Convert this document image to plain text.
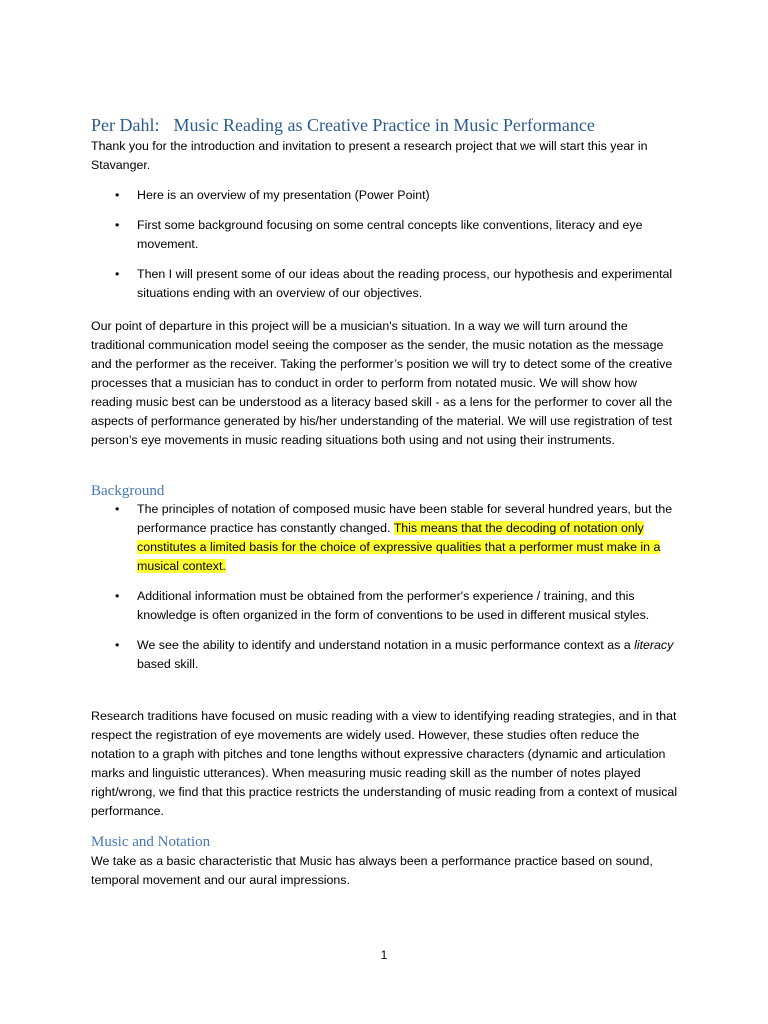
Per Dahl: Music Reading as Creative Practice in Music Performance

Thank you for the introduction and invitation to present a research project that we will start this year in Stavanger.

• Here is an overview of my presentation (Power Point)
• First some background focusing on some central concepts like conventions, literacy and eye movement.
• Then I will present some of our ideas about the reading process, our hypothesis and experimental situations ending with an overview of our objectives.

Our point of departure in this project will be a musician's situation. In a way we will turn around the traditional communication model seeing the composer as the sender, the music notation as the message and the performer as the receiver. Taking the performer’s position we will try to detect some of the creative processes that a musician has to conduct in order to perform from notated music. We will show how reading music best can be understood as a literacy based skill - as a lens for the performer to cover all the aspects of performance generated by his/her understanding of the material. We will use registration of test person’s eye movements in music reading situations both using and not using their instruments.

Background
• The principles of notation of composed music have been stable for several hundred years, but the performance practice has constantly changed. This means that the decoding of notation only constitutes a limited basis for the choice of expressive qualities that a performer must make in a musical context.
• Additional information must be obtained from the performer's experience / training, and this knowledge is often organized in the form of conventions to be used in different musical styles.
• We see the ability to identify and understand notation in a music performance context as a literacy based skill.

Research traditions have focused on music reading with a view to identifying reading strategies, and in that respect the registration of eye movements are widely used. However, these studies often reduce the notation to a graph with pitches and tone lengths without expressive characters (dynamic and articulation marks and linguistic utterances). When measuring music reading skill as the number of notes played right/wrong, we find that this practice restricts the understanding of music reading from a context of musical performance.

Music and Notation

We take as a basic characteristic that Music has always been a performance practice based on sound, temporal movement and our aural impressions.

1
